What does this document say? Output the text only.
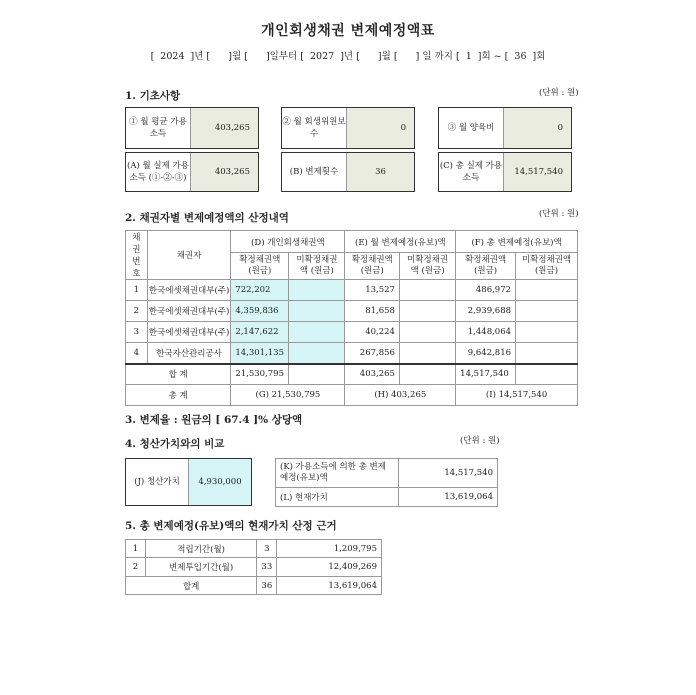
개인회생채권 변제예정액표
[  2024  ]년 [      ]월 [      ]일부터 [  2027  ]년 [      ]월 [      ] 일 까지 [  1  ]회 ~ [  36  ]회
1. 기초사항	(단위 : 원)
① 월 평균 가용소득
403,265
② 월 회생위원보수
0	③ 월 양육비	0
(A) 월 실제 가용소득 (①-②-③)
403,265	(B) 변제횟수	36
(C) 총 실제 가용소득
14,517,540
2. 채권자별 변제예정액의 산정내역	(단위 : 원)
채권 번호	채권자	(D) 개인회생채권액		(E) 월 변제예정(유보)액		(F) 총 변제예정(유보)액	
		확정채권액 (원금)	미확정채권액 (원금)	확정채권액 (원금)	미확정채권액 (원금)	확정채권액 (원금)	미확정채권액 (원금)
1	한국에셋채권대부(주)	722,202		13,527		486,972	
2	한국에셋채권대부(주)	4,359,836		81,658		2,939,688	
3	한국에셋채권대부(주)	2,147,622		40,224		1,448,064	
4	한국자산관리공사	14,301,135		267,856		9,642,816	
합 계		21,530,795		403,265		14,517,540	
총 계		(G) 21,530,795		(H) 403,265		(I) 14,517,540	
3. 변제율 : 원금의 [ 67.4 ]% 상당액
4. 청산가치와의 비교	(단위 : 원)
(J) 청산가치	4,930,000
(K) 가용소득에 의한 총 변제 예정(유보)액	14,517,540
(L) 현재가치	13,619,064
5. 총 변제예정(유보)액의 현재가치 산정 근거
1	적립기간(월)	3	1,209,795
2	변제투입기간(월)	33	12,409,269
합계		36	13,619,064
